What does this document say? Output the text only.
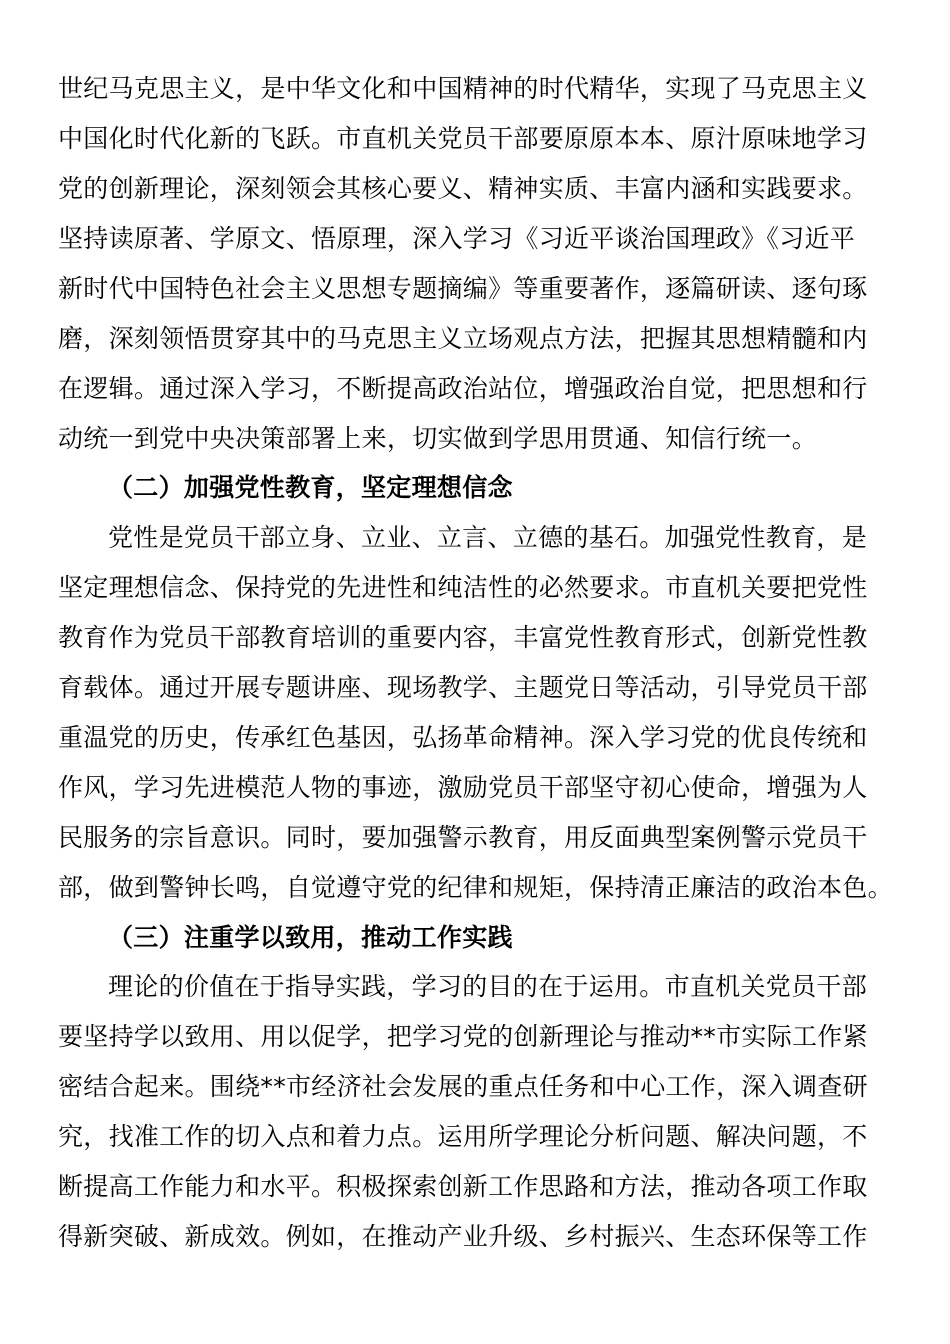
世纪马克思主义，是中华文化和中国精神的时代精华，实现了马克思主义
中国化时代化新的飞跃。市直机关党员干部要原原本本、原汁原味地学习
党的创新理论，深刻领会其核心要义、精神实质、丰富内涵和实践要求。
坚持读原著、学原文、悟原理，深入学习《习近平谈治国理政》《习近平
新时代中国特色社会主义思想专题摘编》等重要著作，逐篇研读、逐句琢
磨，深刻领悟贯穿其中的马克思主义立场观点方法，把握其思想精髓和内
在逻辑。通过深入学习，不断提高政治站位，增强政治自觉，把思想和行
动统一到党中央决策部署上来，切实做到学思用贯通、知信行统一。
（二）加强党性教育，坚定理想信念
党性是党员干部立身、立业、立言、立德的基石。加强党性教育，是
坚定理想信念、保持党的先进性和纯洁性的必然要求。市直机关要把党性
教育作为党员干部教育培训的重要内容，丰富党性教育形式，创新党性教
育载体。通过开展专题讲座、现场教学、主题党日等活动，引导党员干部
重温党的历史，传承红色基因，弘扬革命精神。深入学习党的优良传统和
作风，学习先进模范人物的事迹，激励党员干部坚守初心使命，增强为人
民服务的宗旨意识。同时，要加强警示教育，用反面典型案例警示党员干
部，做到警钟长鸣，自觉遵守党的纪律和规矩，保持清正廉洁的政治本色。
（三）注重学以致用，推动工作实践
理论的价值在于指导实践，学习的目的在于运用。市直机关党员干部
要坚持学以致用、用以促学，把学习党的创新理论与推动**市实际工作紧
密结合起来。围绕**市经济社会发展的重点任务和中心工作，深入调查研
究，找准工作的切入点和着力点。运用所学理论分析问题、解决问题，不
断提高工作能力和水平。积极探索创新工作思路和方法，推动各项工作取
得新突破、新成效。例如，在推动产业升级、乡村振兴、生态环保等工作
